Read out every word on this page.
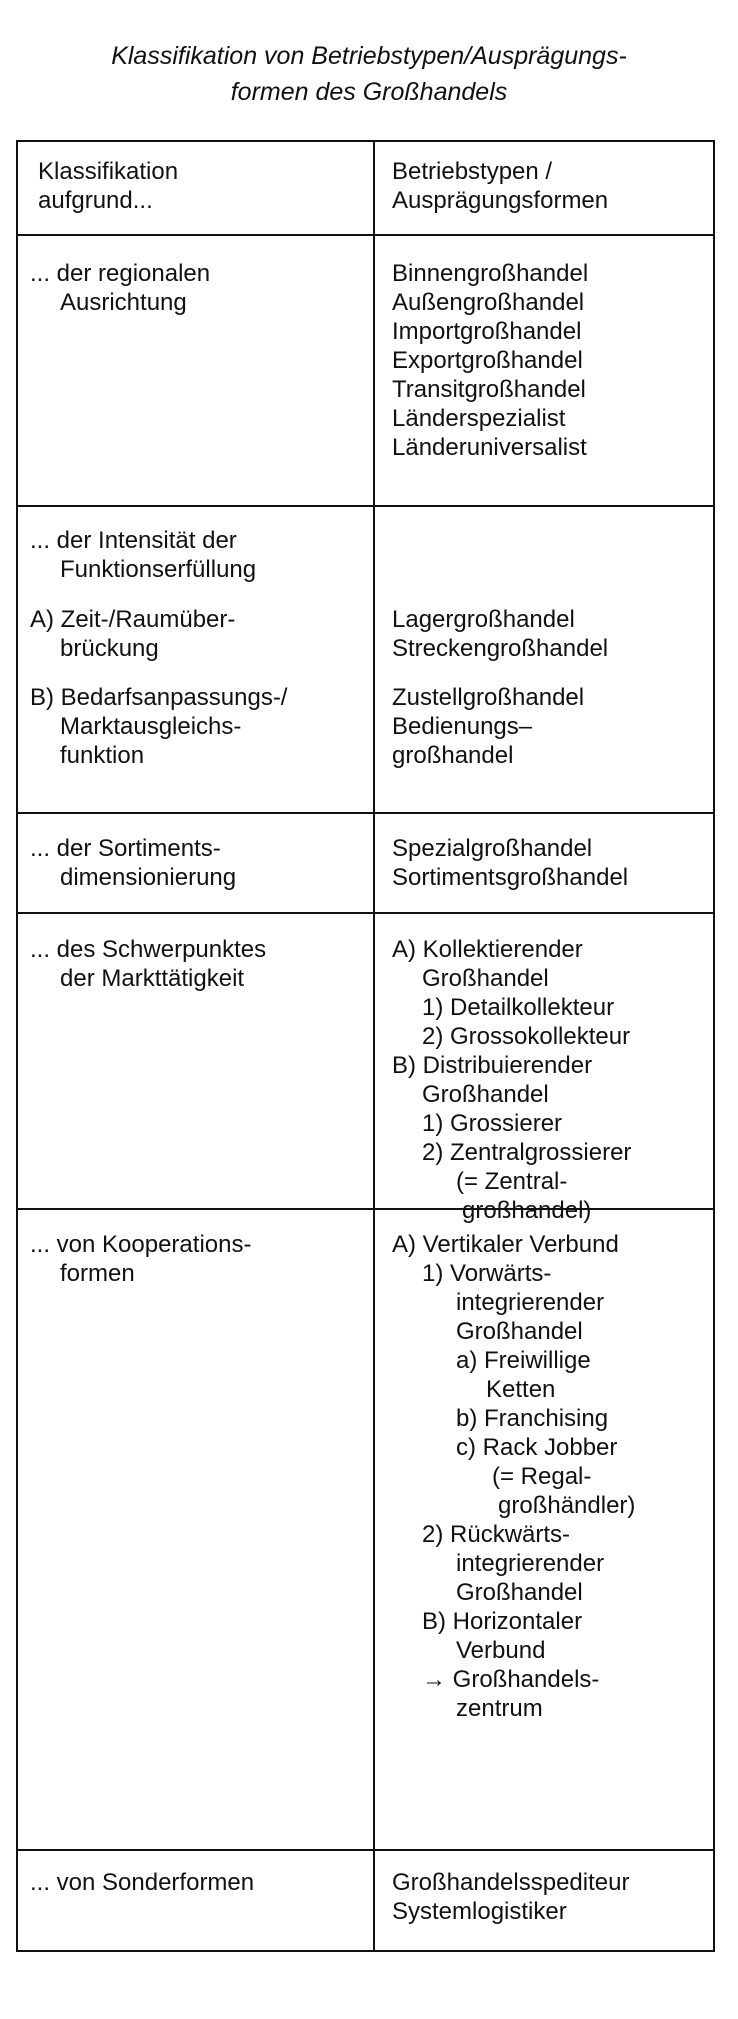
Klassifikation von Betriebstypen/Ausprägungs-
formen des Großhandels
Klassifikation
aufgrund...
Betriebstypen /
Ausprägungsformen
... der regionalen
Ausrichtung
Binnengroßhandel
Außengroßhandel
Importgroßhandel
Exportgroßhandel
Transitgroßhandel
Länderspezialist
Länderuniversalist
... der Intensität der
Funktionserfüllung
A) Zeit-/Raumüber-
brückung
Lagergroßhandel
Streckengroßhandel
B) Bedarfsanpassungs-/
Marktausgleichs-
funktion
Zustellgroßhandel
Bedienungs–
großhandel
... der Sortiments-
dimensionierung
Spezialgroßhandel
Sortimentsgroßhandel
... des Schwerpunktes
der Markttätigkeit
A) Kollektierender
Großhandel
1) Detailkollekteur
2) Grossokollekteur
B) Distribuierender
Großhandel
1) Grossierer
2) Zentralgrossierer
(= Zentral-
großhandel)
... von Kooperations-
formen
A) Vertikaler Verbund
1) Vorwärts-
integrierender
Großhandel
a) Freiwillige
Ketten
b) Franchising
c) Rack Jobber
(= Regal-
großhändler)
2) Rückwärts-
integrierender
Großhandel
B) Horizontaler
Verbund
→ Großhandels-
zentrum
... von Sonderformen	Großhandelsspediteur
Systemlogistiker
